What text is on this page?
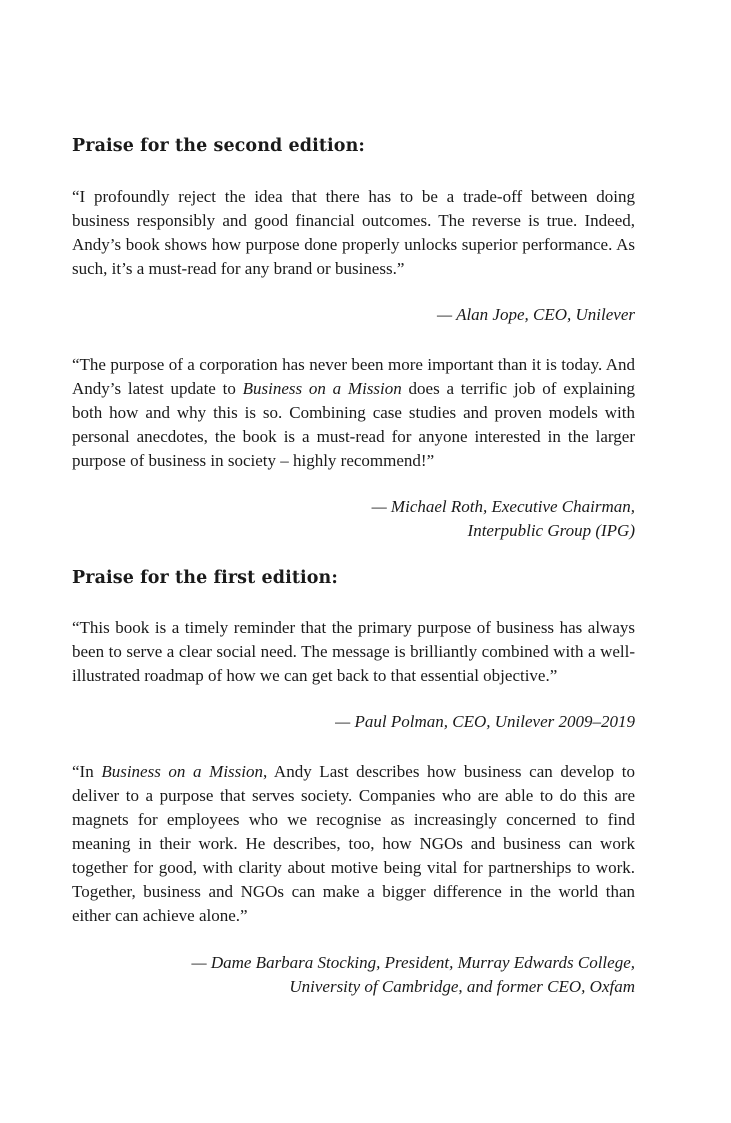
Praise for the second edition:

“I profoundly reject the idea that there has to be a trade-off between doing business responsibly and good financial outcomes. The reverse is true. Indeed, Andy’s book shows how purpose done properly unlocks superior performance. As such, it’s a must-read for any brand or business.”

— Alan Jope, CEO, Unilever

“The purpose of a corporation has never been more important than it is today. And Andy’s latest update to Business on a Mission does a terrific job of explaining both how and why this is so. Combining case studies and proven models with personal anecdotes, the book is a must-read for anyone interested in the larger purpose of business in society – highly recommend!”

— Michael Roth, Executive Chairman,
Interpublic Group (IPG)
Praise for the first edition:

“This book is a timely reminder that the primary purpose of business has always been to serve a clear social need. The message is brilliantly combined with a well-illustrated roadmap of how we can get back to that essential objective.”

— Paul Polman, CEO, Unilever 2009–2019

“In Business on a Mission, Andy Last describes how business can develop to deliver to a purpose that serves society. Companies who are able to do this are magnets for employees who we recognise as increasingly concerned to find meaning in their work. He describes, too, how NGOs and business can work together for good, with clarity about motive being vital for partnerships to work. Together, business and NGOs can make a bigger difference in the world than either can achieve alone.”

— Dame Barbara Stocking, President, Murray Edwards College,
University of Cambridge, and former CEO, Oxfam
